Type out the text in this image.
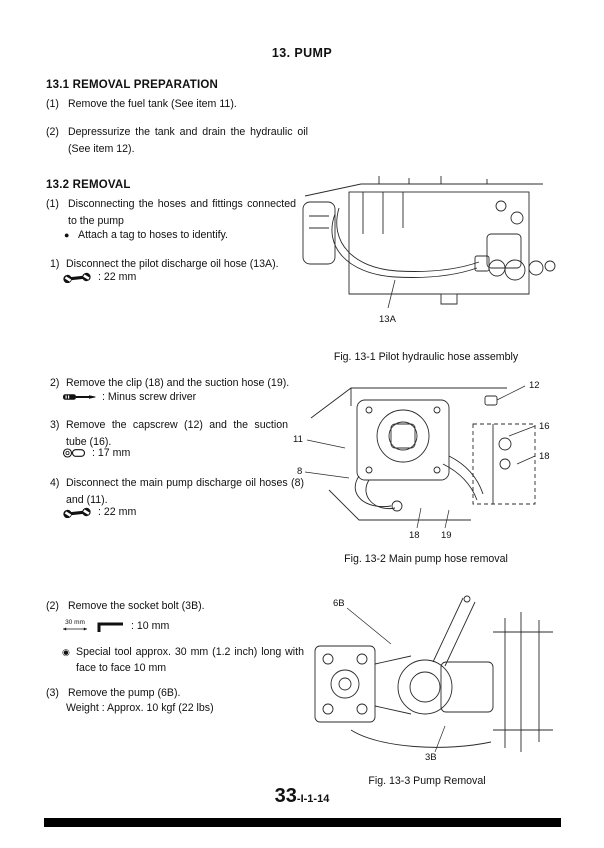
13. PUMP
13.1 REMOVAL PREPARATION
(1) Remove the fuel tank (See item 11).
(2) Depressurize the tank and drain the hydraulic oil (See item 12).
13.2 REMOVAL
(1) Disconnecting the hoses and fittings connected to the pump
● Attach a tag to hoses to identify.
1) Disconnect the pilot discharge oil hose (13A).
: 22 mm
2) Remove the clip (18) and the suction hose (19).
: Minus screw driver
3) Remove the capscrew (12) and the suction tube (16).
: 17 mm
4) Disconnect the main pump discharge oil hoses (8) and (11).
: 22 mm
(2) Remove the socket bolt (3B).
30 mm	: 10 mm
◉ Special tool approx. 30 mm (1.2 inch) long with face to face 10 mm
(3) Remove the pump (6B).
Weight : Approx. 10 kgf (22 lbs)
13A
Fig. 13-1 Pilot hydraulic hose assembly
12
16
18
11
8
18 19
Fig. 13-2 Main pump hose removal
6B
3B
Fig. 13-3 Pump Removal
33-I-1-14
